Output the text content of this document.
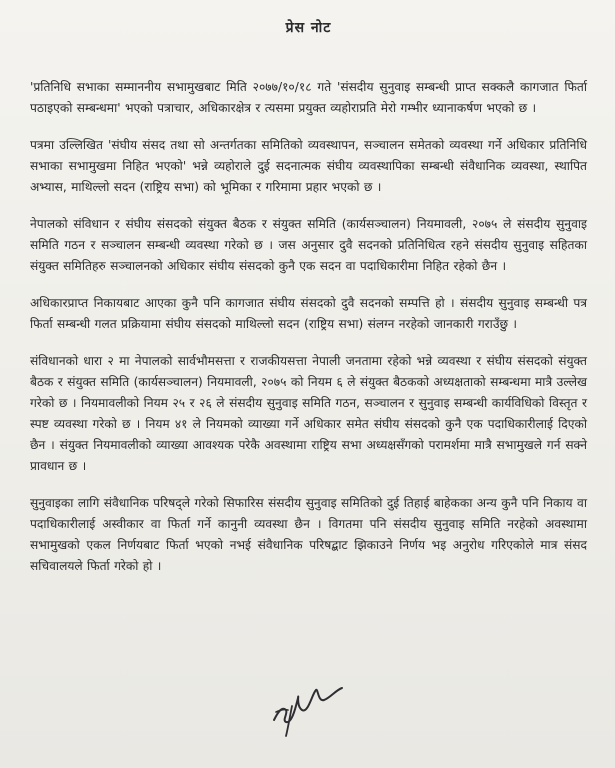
प्रेस नोट

'प्रतिनिधि सभाका सम्माननीय सभामुखबाट मिति २०७७/१०/१८ गते 'संसदीय सुनुवाइ सम्बन्धी प्राप्त सक्कलै कागजात फिर्ता पठाइएको सम्बन्धमा' भएको पत्राचार, अधिकारक्षेत्र र त्यसमा प्रयुक्त व्यहोराप्रति मेरो गम्भीर ध्यानाकर्षण भएको छ ।

पत्रमा उल्लिखित 'संघीय संसद तथा सो अन्तर्गतका समितिको व्यवस्थापन, सञ्चालन समेतको व्यवस्था गर्ने अधिकार प्रतिनिधि सभाका सभामुखमा निहित भएको' भन्ने व्यहोराले दुई सदनात्मक संघीय व्यवस्थापिका सम्बन्धी संवैधानिक व्यवस्था, स्थापित अभ्यास, माथिल्लो सदन (राष्ट्रिय सभा) को भूमिका र गरिमामा प्रहार भएको छ ।

नेपालको संविधान र संघीय संसदको संयुक्त बैठक र संयुक्त समिति (कार्यसञ्चालन) नियमावली, २०७५ ले संसदीय सुनुवाइ समिति गठन र सञ्चालन सम्बन्धी व्यवस्था गरेको छ । जस अनुसार दुवै सदनको प्रतिनिधित्व रहने संसदीय सुनुवाइ सहितका संयुक्त समितिहरु सञ्चालनको अधिकार संघीय संसदको कुनै एक सदन वा पदाधिकारीमा निहित रहेको छैन ।

अधिकारप्राप्त निकायबाट आएका कुनै पनि कागजात संघीय संसदको दुवै सदनको सम्पत्ति हो । संसदीय सुनुवाइ सम्बन्धी पत्र फिर्ता सम्बन्धी गलत प्रक्रियामा संघीय संसदको माथिल्लो सदन (राष्ट्रिय सभा) संलग्न नरहेको जानकारी गराउँछु ।

संविधानको धारा २ मा नेपालको सार्वभौमसत्ता र राजकीयसत्ता नेपाली जनतामा रहेको भन्ने व्यवस्था र संघीय संसदको संयुक्त बैठक र संयुक्त समिति (कार्यसञ्चालन) नियमावली, २०७५ को नियम ६ ले संयुक्त बैठकको अध्यक्षताको सम्बन्धमा मात्रै उल्लेख गरेको छ । नियमावलीको नियम २५ र २६ ले संसदीय सुनुवाइ समिति गठन, सञ्चालन र सुनुवाइ सम्बन्धी कार्यविधिको विस्तृत र स्पष्ट व्यवस्था गरेको छ । नियम ४१ ले नियमको व्याख्या गर्ने अधिकार समेत संघीय संसदको कुनै एक पदाधिकारीलाई दिएको छैन । संयुक्त नियमावलीको व्याख्या आवश्यक परेकै अवस्थामा राष्ट्रिय सभा अध्यक्षसँगको परामर्शमा मात्रै सभामुखले गर्न सक्ने प्रावधान छ ।

सुनुवाइका लागि संवैधानिक परिषद्ले गरेको सिफारिस संसदीय सुनुवाइ समितिको दुई तिहाई बाहेकका अन्य कुनै पनि निकाय वा पदाधिकारीलाई अस्वीकार वा फिर्ता गर्ने कानुनी व्यवस्था छैन । विगतमा पनि संसदीय सुनुवाइ समिति नरहेको अवस्थामा सभामुखको एकल निर्णयबाट फिर्ता भएको नभई संवैधानिक परिषद्बाट झिकाउने निर्णय भइ अनुरोध गरिएकोले मात्र संसद सचिवालयले फिर्ता गरेको हो ।
